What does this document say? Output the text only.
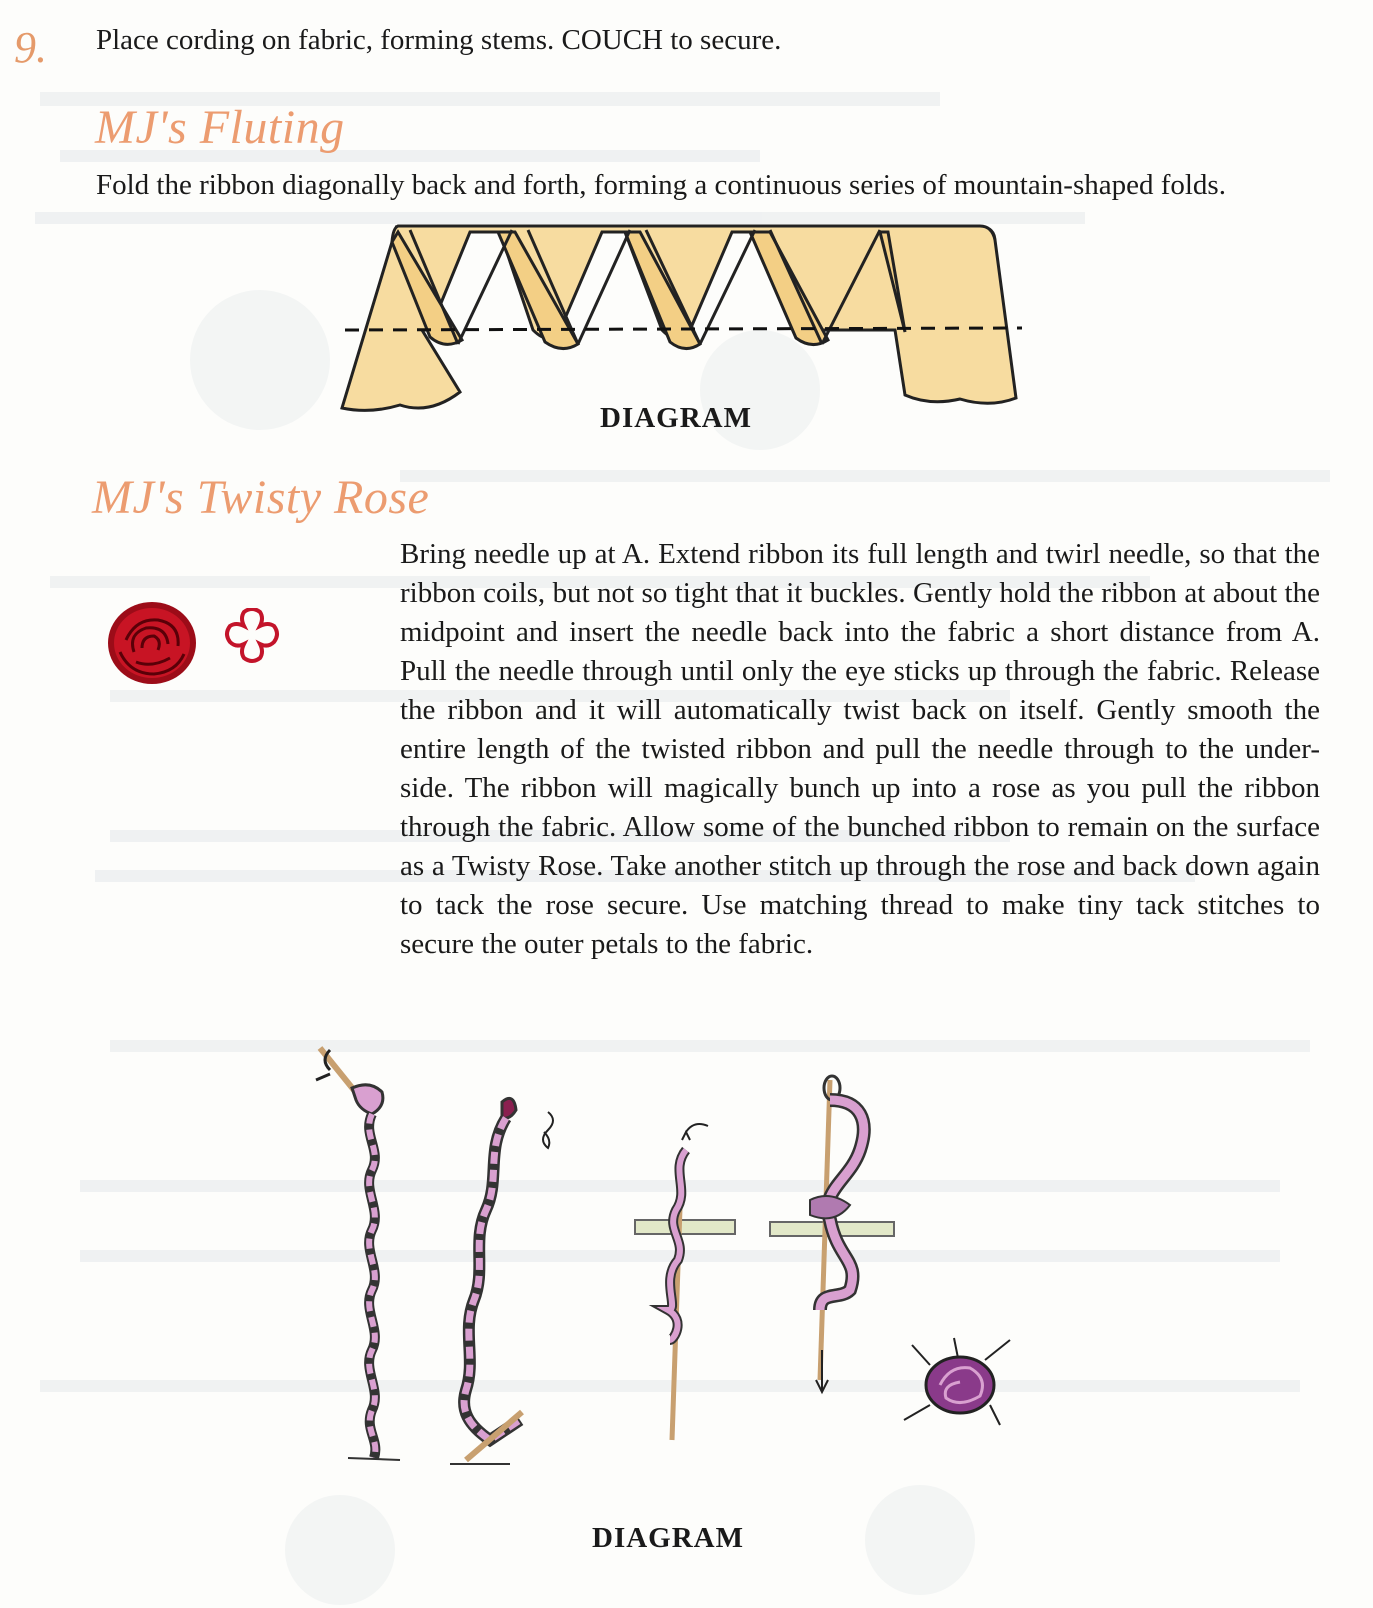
9. Place cording on fabric, forming stems. COUCH to secure.
MJ's Fluting
Fold the ribbon diagonally back and forth, forming a continuous series of mountain-shaped folds.
DIAGRAM
MJ's Twisty Rose
Bring needle up at A. Extend ribbon its full length and twirl needle, so that the ribbon coils, but not so tight that it buckles. Gently hold the ribbon at about the midpoint and insert the needle back into the fabric a short distance from A. Pull the needle through until only the eye sticks up through the fabric. Release the ribbon and it will automatically twist back on itself. Gently smooth the entire length of the twisted ribbon and pull the needle through to the under-side. The ribbon will magically bunch up into a rose as you pull the ribbon through the fabric. Allow some of the bunched ribbon to remain on the surface as a Twisty Rose. Take another stitch up through the rose and back down again to tack the rose secure. Use matching thread to make tiny tack stitches to secure the outer petals to the fabric.
DIAGRAM
